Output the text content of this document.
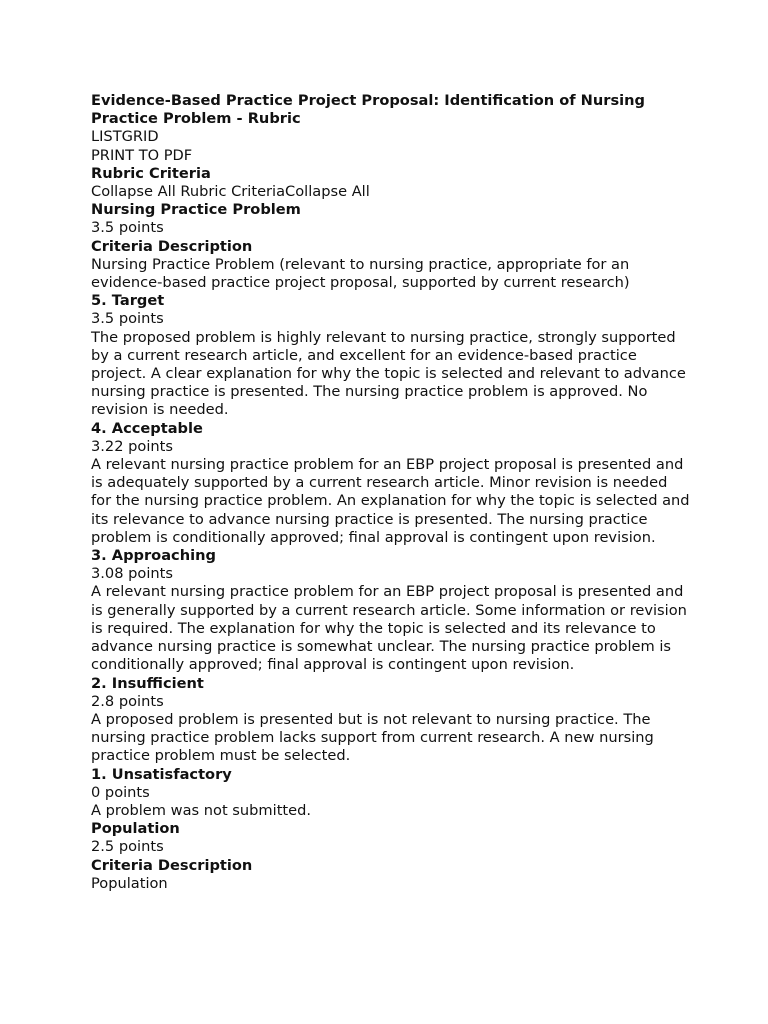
Evidence-Based Practice Project Proposal: Identification of Nursing Practice Problem - Rubric
LISTGRID
PRINT TO PDF
Rubric Criteria
Collapse All Rubric CriteriaCollapse All
Nursing Practice Problem
3.5 points
Criteria Description
Nursing Practice Problem (relevant to nursing practice, appropriate for an evidence-based practice project proposal, supported by current research)
5. Target
3.5 points
The proposed problem is highly relevant to nursing practice, strongly supported by a current research article, and excellent for an evidence-based practice project. A clear explanation for why the topic is selected and relevant to advance nursing practice is presented. The nursing practice problem is approved. No revision is needed.
4. Acceptable
3.22 points
A relevant nursing practice problem for an EBP project proposal is presented and is adequately supported by a current research article. Minor revision is needed for the nursing practice problem. An explanation for why the topic is selected and its relevance to advance nursing practice is presented. The nursing practice problem is conditionally approved; final approval is contingent upon revision.
3. Approaching
3.08 points
A relevant nursing practice problem for an EBP project proposal is presented and is generally supported by a current research article. Some information or revision is required. The explanation for why the topic is selected and its relevance to advance nursing practice is somewhat unclear. The nursing practice problem is conditionally approved; final approval is contingent upon revision.
2. Insufficient
2.8 points
A proposed problem is presented but is not relevant to nursing practice. The nursing practice problem lacks support from current research. A new nursing practice problem must be selected.
1. Unsatisfactory
0 points
A problem was not submitted.
Population
2.5 points
Criteria Description
Population
